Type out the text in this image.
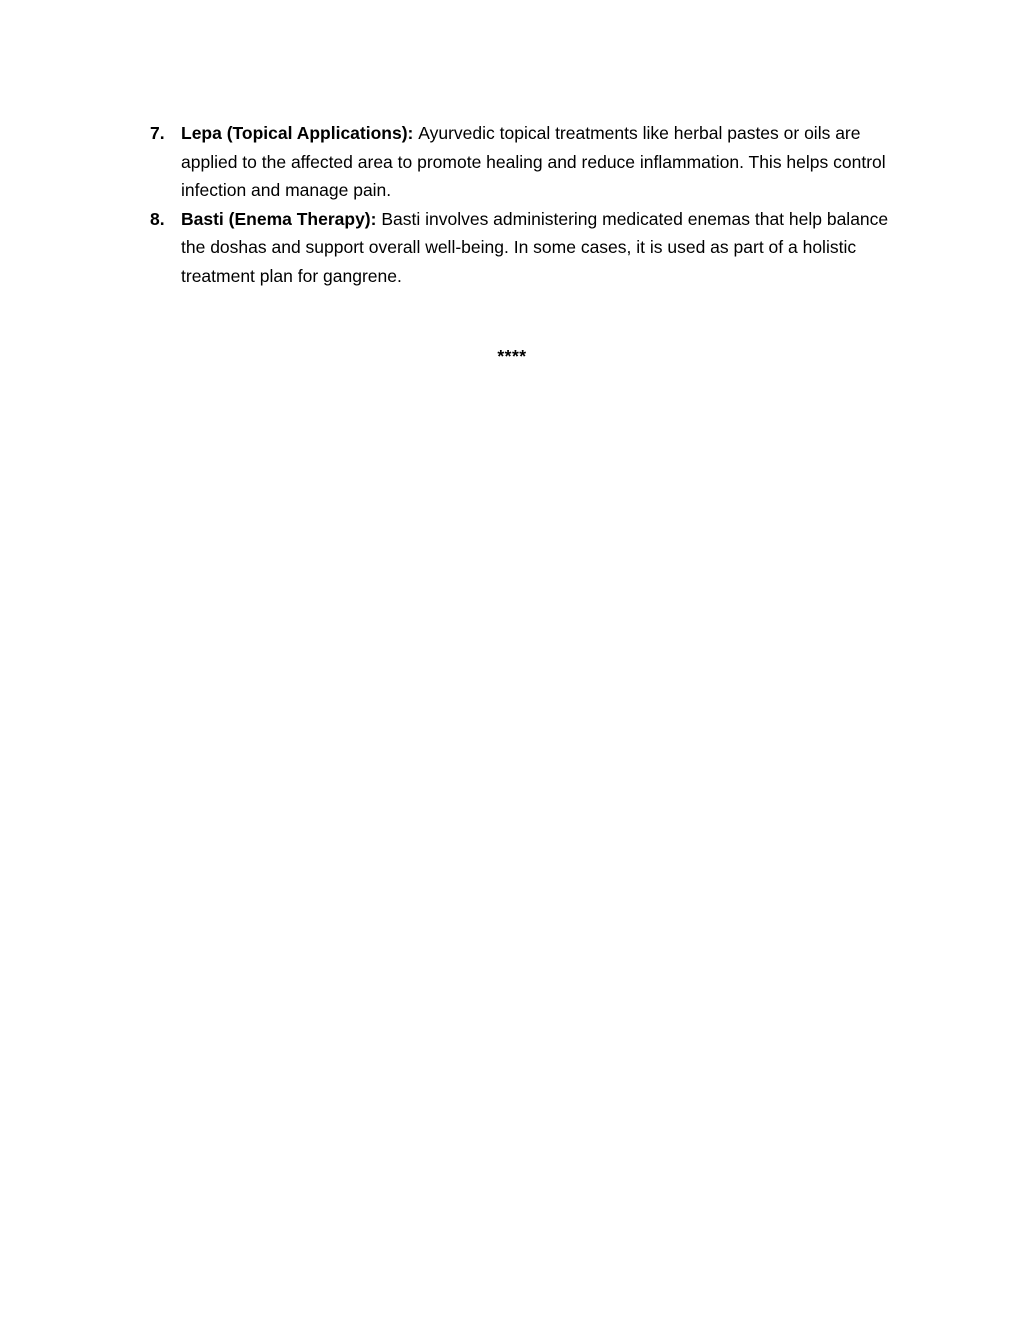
7. Lepa (Topical Applications): Ayurvedic topical treatments like herbal pastes or oils are applied to the affected area to promote healing and reduce inflammation. This helps control infection and manage pain.
8. Basti (Enema Therapy): Basti involves administering medicated enemas that help balance the doshas and support overall well-being. In some cases, it is used as part of a holistic treatment plan for gangrene.
****
